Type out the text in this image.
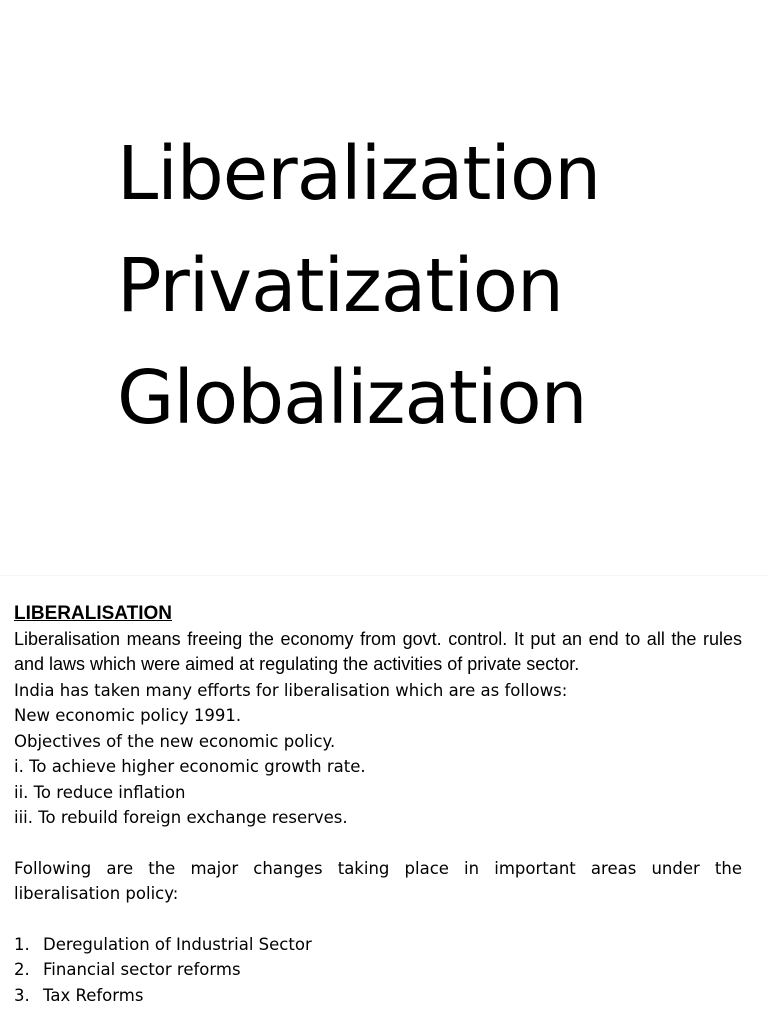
Liberalization
Privatization
Globalization
LIBERALISATION

Liberalisation means freeing the economy from govt. control. It put an end to all the rules and laws which were aimed at regulating the activities of private sector.

India has taken many efforts for liberalisation which are as follows:
New economic policy 1991.
Objectives of the new economic policy.
i. To achieve higher economic growth rate.
ii. To reduce inflation
iii. To rebuild foreign exchange reserves.

Following are the major changes taking place in important areas under the liberalisation policy:

1. Deregulation of Industrial Sector
2. Financial sector reforms
3. Tax Reforms
